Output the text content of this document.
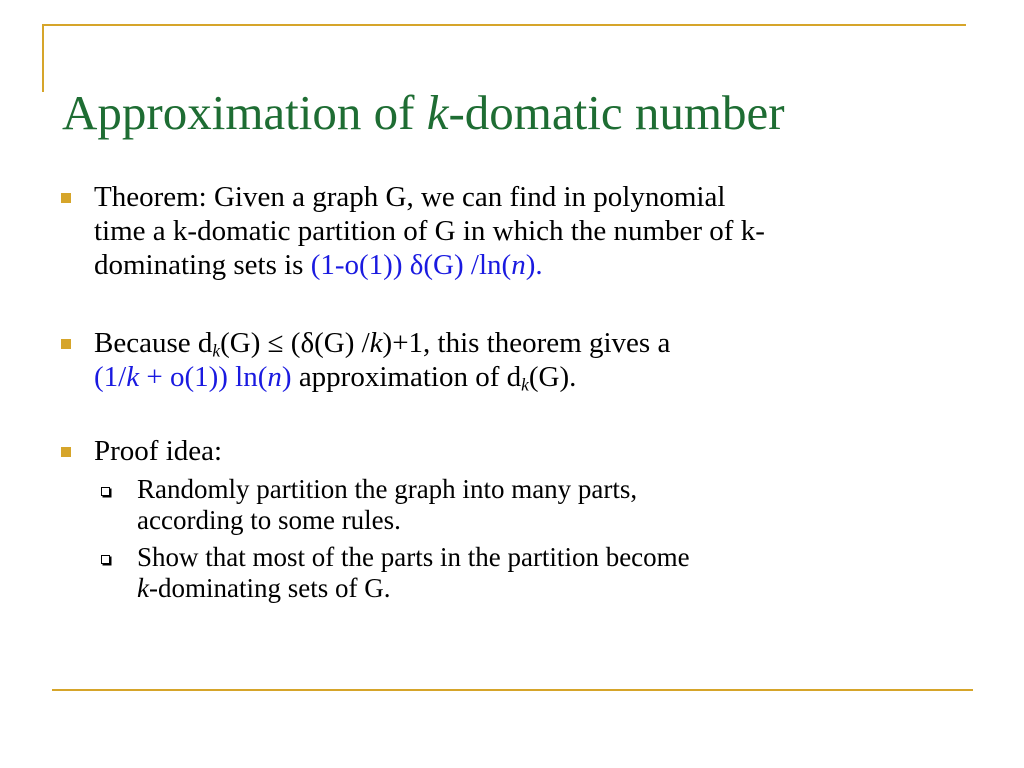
Approximation of k-domatic number
Theorem: Given a graph G, we can find in polynomial
time a k-domatic partition of G in which the number of k-
dominating sets is (1-o(1)) δ(G) /ln(n).
Because $d_k(G) \le (\delta(G)$ /k)+1, this theorem gives a
(1/k + o(1)) ln(n) approximation of $d_k(G)$.
Proof idea:
Randomly partition the graph into many parts,
according to some rules.
Show that most of the parts in the partition become
k-dominating sets of G.
